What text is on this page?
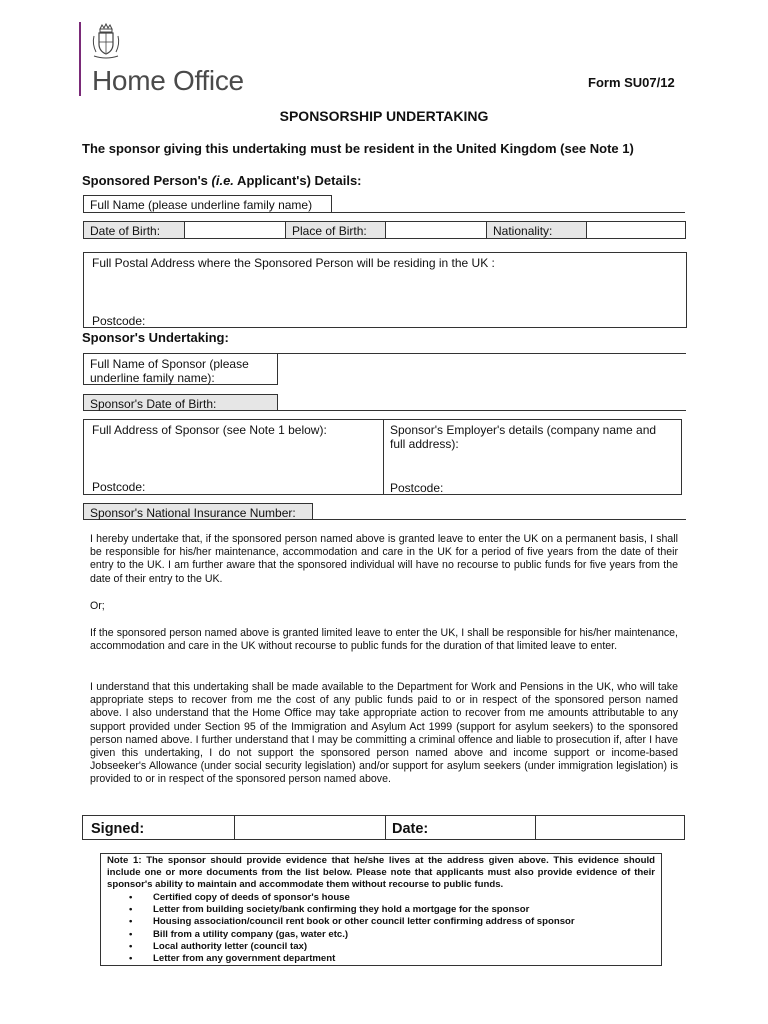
Home Office	Form SU07/12
SPONSORSHIP UNDERTAKING
The sponsor giving this undertaking must be resident in the United Kingdom (see Note 1)
Sponsored Person's (i.e. Applicant's) Details:
Full Name (please underline family name)
Date of Birth:	Place of Birth:	Nationality:
Full Postal Address where the Sponsored Person will be residing in the UK :
Postcode:
Sponsor's Undertaking:
Full Name of Sponsor (please
underline family name):
Sponsor's Date of Birth:
Full Address of Sponsor (see Note 1 below):
Postcode:
Sponsor's Employer's details (company name and
full address):
Postcode:
Sponsor's National Insurance Number:
I hereby undertake that, if the sponsored person named above is granted leave to enter the UK on a permanent basis, I shall be responsible for his/her maintenance, accommodation and care in the UK for a period of five years from the date of their entry to the UK. I am further aware that the sponsored individual will have no recourse to public funds for five years from the date of their entry to the UK.
Or;
If the sponsored person named above is granted limited leave to enter the UK, I shall be responsible for his/her maintenance, accommodation and care in the UK without recourse to public funds for the duration of that limited leave to enter.
I understand that this undertaking shall be made available to the Department for Work and Pensions in the UK, who will take appropriate steps to recover from me the cost of any public funds paid to or in respect of the sponsored person named above. I also understand that the Home Office may take appropriate action to recover from me amounts attributable to any support provided under Section 95 of the Immigration and Asylum Act 1999 (support for asylum seekers) to the sponsored person named above. I further understand that I may be committing a criminal offence and liable to prosecution if, after I have given this undertaking, I do not support the sponsored person named above and income support or income-based Jobseeker's Allowance (under social security legislation) and/or support for asylum seekers (under immigration legislation) is provided to or in respect of the sponsored person named above.
Signed:	Date:
Note 1: The sponsor should provide evidence that he/she lives at the address given above. This evidence should include one or more documents from the list below. Please note that applicants must also provide evidence of their sponsor's ability to maintain and accommodate them without recourse to public funds.
• Certified copy of deeds of sponsor's house
• Letter from building society/bank confirming they hold a mortgage for the sponsor
• Housing association/council rent book or other council letter confirming address of sponsor
• Bill from a utility company (gas, water etc.)
• Local authority letter (council tax)
• Letter from any government department
